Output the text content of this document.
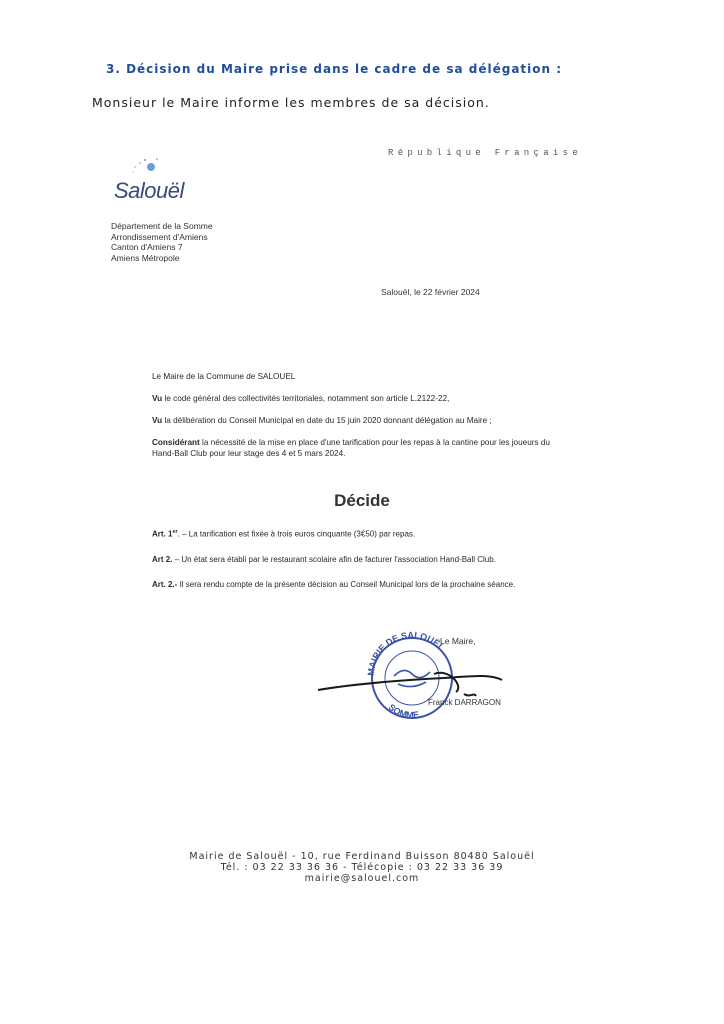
3. Décision du Maire prise dans le cadre de sa délégation :
Monsieur le Maire informe les membres de sa décision.
République Française
Salouël
Département de la Somme
Arrondissement d'Amiens
Canton d'Amiens 7
Amiens Métropole
Salouël, le 22 février 2024

Le Maire de la Commune de SALOUEL

Vu le code général des collectivités territoriales, notamment son article L.2122-22,

Vu la délibération du Conseil Municipal en date du 15 juin 2020 donnant délégation au Maire ;

Considérant la nécessité de la mise en place d'une tarification pour les repas à la cantine pour les joueurs du Hand-Ball Club pour leur stage des 4 et 5 mars 2024.

Décide

Art. 1er. – La tarification est fixée à trois euros cinquante (3€50) par repas.

Art 2. – Un état sera établi par le restaurant scolaire afin de facturer l'association Hand-Ball Club.

Art. 2.- Il sera rendu compte de la présente décision au Conseil Municipal lors de la prochaine séance.

MAIRIE DE SALOUËL
SOMME
Le Maire,
Franck DARRAGON
Mairie de Salouël - 10, rue Ferdinand Buisson 80480 Salouël
Tél. : 03 22 33 36 36 - Télécopie : 03 22 33 36 39
mairie@salouel.com
